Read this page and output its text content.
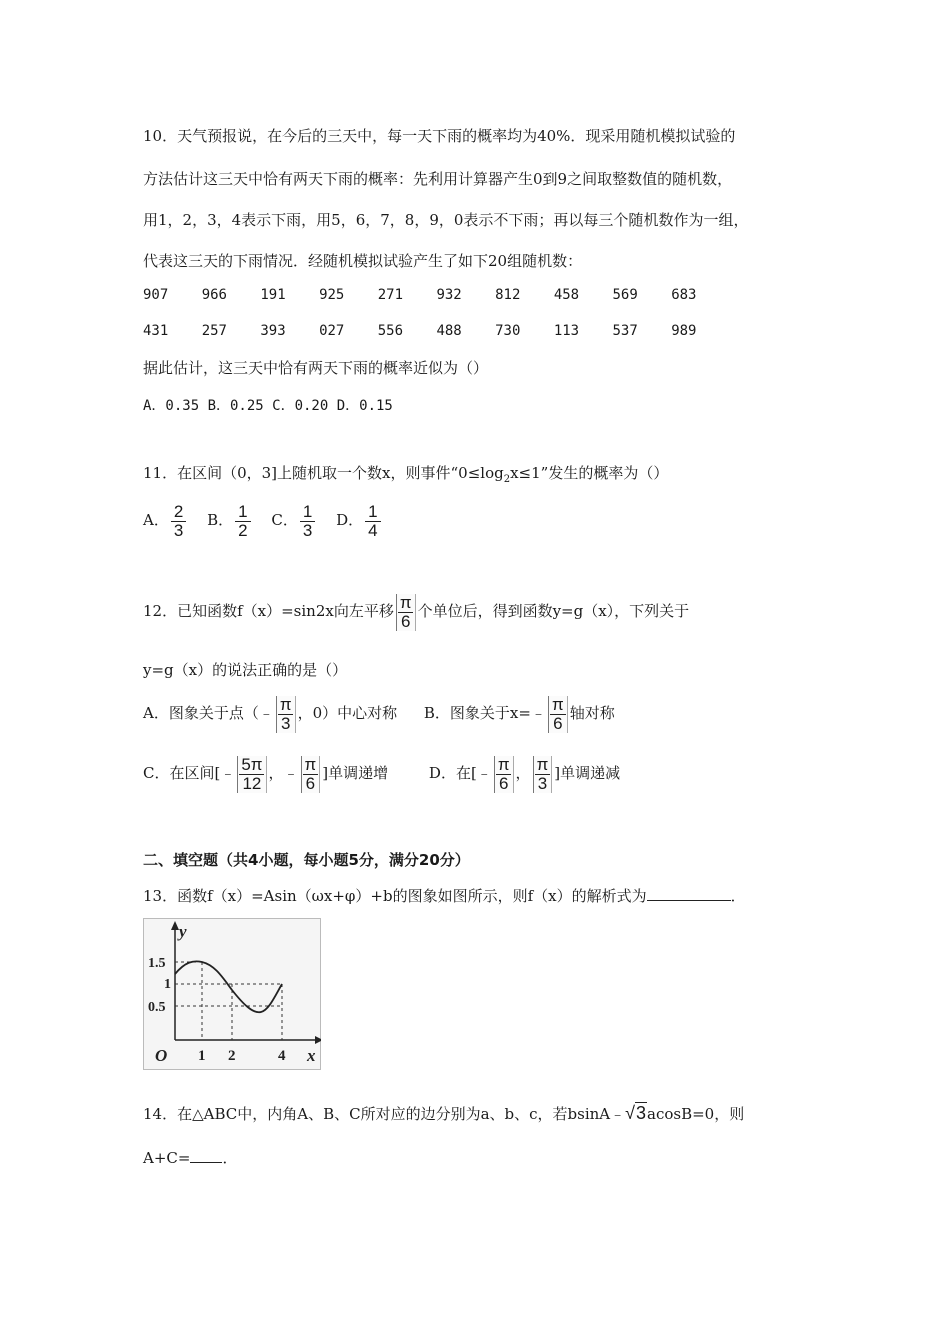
10．天气预报说，在今后的三天中，每一天下雨的概率均为40%．现采用随机模拟试验的
方法估计这三天中恰有两天下雨的概率：先利用计算器产生0到9之间取整数值的随机数，
用1，2，3，4表示下雨，用5，6，7，8，9，0表示不下雨；再以每三个随机数作为一组，
代表这三天的下雨情况．经随机模拟试验产生了如下20组随机数：
907	966	191	925	271	932	812	458	569	683
431	257	393	027	556	488	730	113	537	989
据此估计，这三天中恰有两天下雨的概率近似为（）
A．0.35 B．0.25 C．0.20 D．0.15
11．在区间（0，3]上随机取一个数x，则事件“$0\le\log_2x\le 1$”发生的概率为（）
A． $\frac{2}{3}$ B． $\frac{1}{2}$ C． $\frac{1}{3}$ D． $\frac{1}{4}$
12．已知函数f（x）=sin2x向左平移 $\frac{\pi}{6}$ 个单位后，得到函数y=g（x），下列关于
y=g（x）的说法正确的是（）
A．图象关于点（﹣ $\frac{\pi}{3}$ ，0）中心对称 B．图象关于x=﹣ $\frac{\pi}{6}$ 轴对称
C．在区间[﹣ $\frac{5\pi}{12}$ ，﹣ $\frac{\pi}{6}$ ]单调递增	D．在[﹣ $\frac{\pi}{6}$ ， $\frac{\pi}{3}$ ]单调递减
二、填空题（共4小题，每小题5分，满分20分）
13．函数f（x）=Asin（ωx+φ）+b的图象如图所示，则f（x）的解析式为	．
y
x
O
1.5
1
0.5
1 2	4
14．在△ABC中，内角A、B、C所对应的边分别为a、b、c，若bsinA﹣√3acosB=0，则
A+C= ．
